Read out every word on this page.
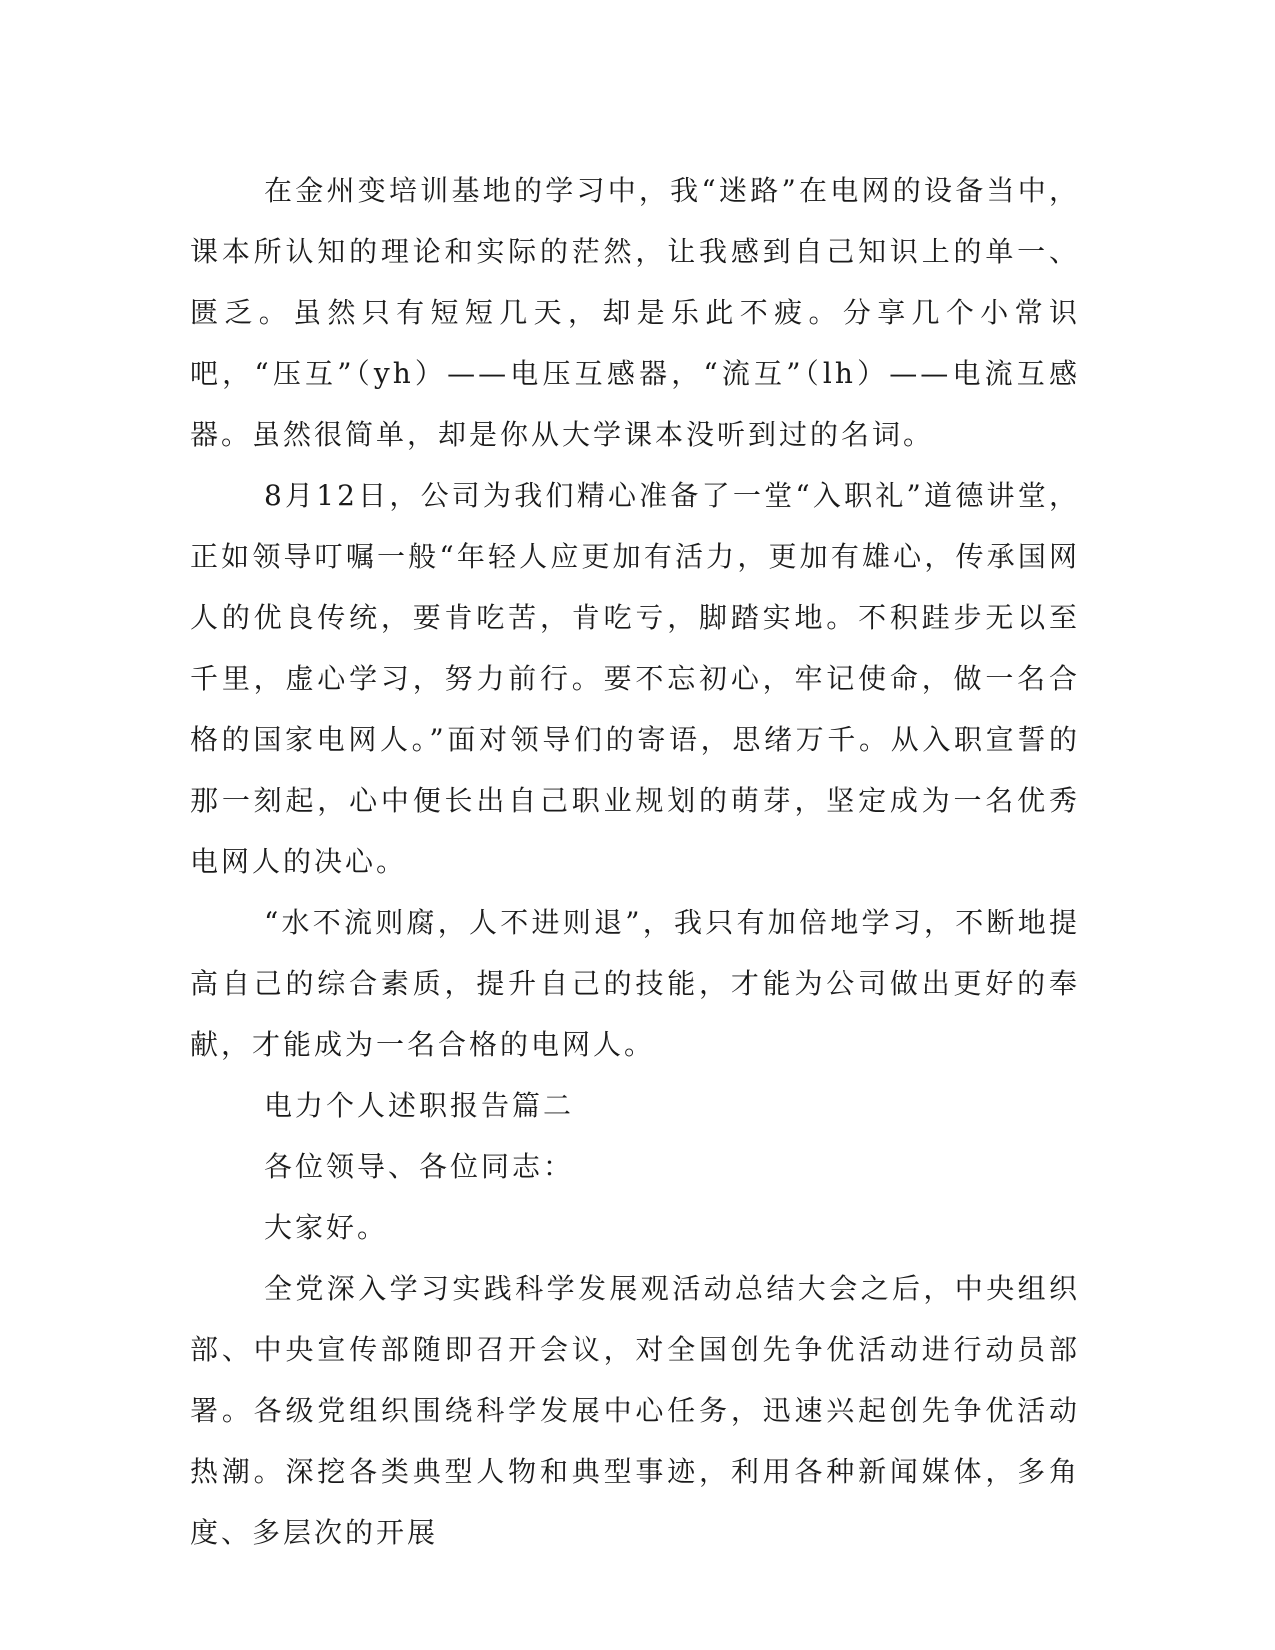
在金州变培训基地的学习中，我“迷路”在电网的设备当中，课本所认知的理论和实际的茫然，让我感到自己知识上的单一、匮乏。虽然只有短短几天，却是乐此不疲。分享几个小常识吧，“压互”（yh）——电压互感器，“流互”（lh）——电流互感器。虽然很简单，却是你从大学课本没听到过的名词。

8月12日，公司为我们精心准备了一堂“入职礼”道德讲堂，正如领导叮嘱一般“年轻人应更加有活力，更加有雄心，传承国网人的优良传统，要肯吃苦，肯吃亏，脚踏实地。不积跬步无以至千里，虚心学习，努力前行。要不忘初心，牢记使命，做一名合格的国家电网人。”面对领导们的寄语，思绪万千。从入职宣誓的那一刻起，心中便长出自己职业规划的萌芽，坚定成为一名优秀电网人的决心。

“水不流则腐，人不进则退”，我只有加倍地学习，不断地提高自己的综合素质，提升自己的技能，才能为公司做出更好的奉献，才能成为一名合格的电网人。

电力个人述职报告篇二

各位领导、各位同志：

大家好。

全党深入学习实践科学发展观活动总结大会之后，中央组织部、中央宣传部随即召开会议，对全国创先争优活动进行动员部署。各级党组织围绕科学发展中心任务，迅速兴起创先争优活动热潮。深挖各类典型人物和典型事迹，利用各种新闻媒体，多角度、多层次的开展
